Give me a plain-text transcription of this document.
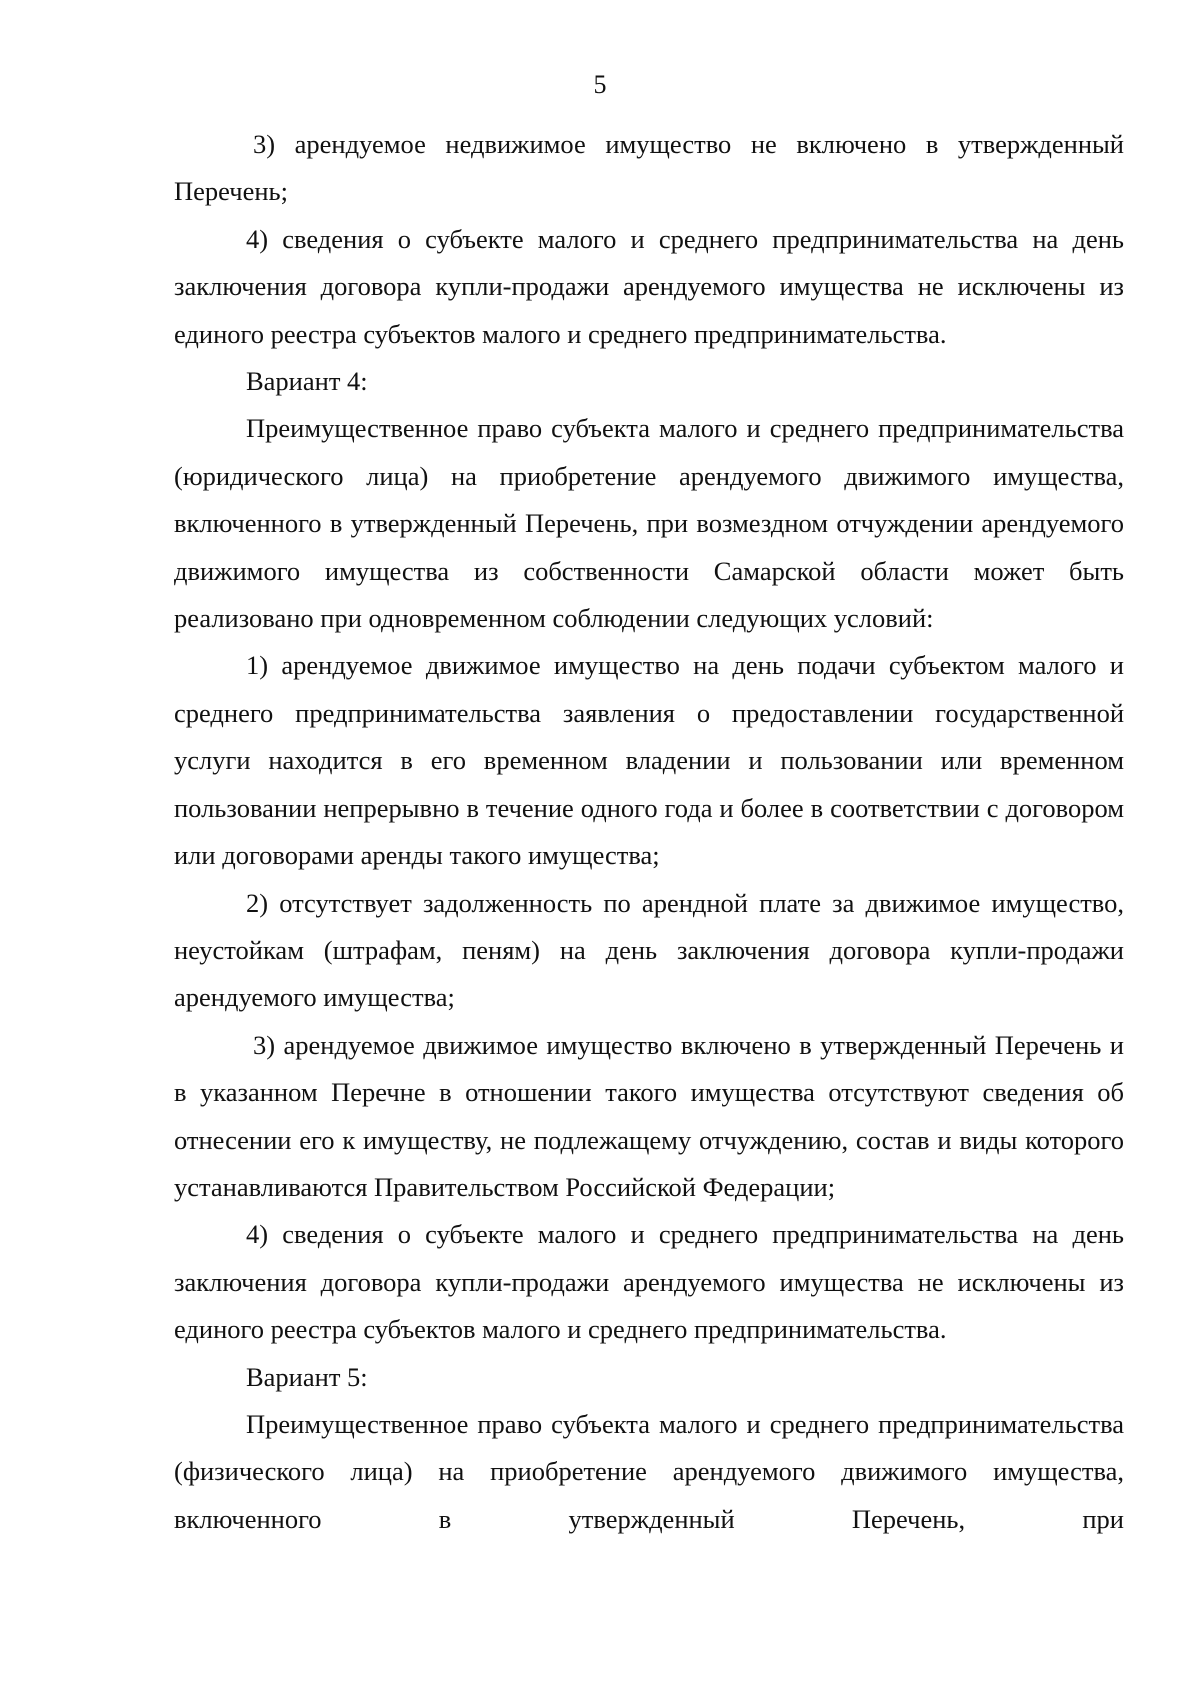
5

3) арендуемое недвижимое имущество не включено в утвержденный Перечень;

4) сведения о субъекте малого и среднего предпринимательства на день заключения договора купли-продажи арендуемого имущества не исключены из единого реестра субъектов малого и среднего предпринимательства.

Вариант 4:

Преимущественное право субъекта малого и среднего предпринимательства (юридического лица) на приобретение арендуемого движимого имущества, включенного в утвержденный Перечень, при возмездном отчуждении арендуемого движимого имущества из собственности Самарской области может быть реализовано при одновременном соблюдении следующих условий:

1) арендуемое движимое имущество на день подачи субъектом малого и среднего предпринимательства заявления о предоставлении государственной услуги находится в его временном владении и пользовании или временном пользовании непрерывно в течение одного года и более в соответствии с договором или договорами аренды такого имущества;

2) отсутствует задолженность по арендной плате за движимое имущество, неустойкам (штрафам, пеням) на день заключения договора купли-продажи арендуемого имущества;

3) арендуемое движимое имущество включено в утвержденный Перечень и в указанном Перечне в отношении такого имущества отсутствуют сведения об отнесении его к имуществу, не подлежащему отчуждению, состав и виды которого устанавливаются Правительством Российской Федерации;

4) сведения о субъекте малого и среднего предпринимательства на день заключения договора купли-продажи арендуемого имущества не исключены из единого реестра субъектов малого и среднего предпринимательства.

Вариант 5:

Преимущественное право субъекта малого и среднего предпринимательства (физического лица) на приобретение арендуемого движимого имущества, включенного в утвержденный Перечень, при
